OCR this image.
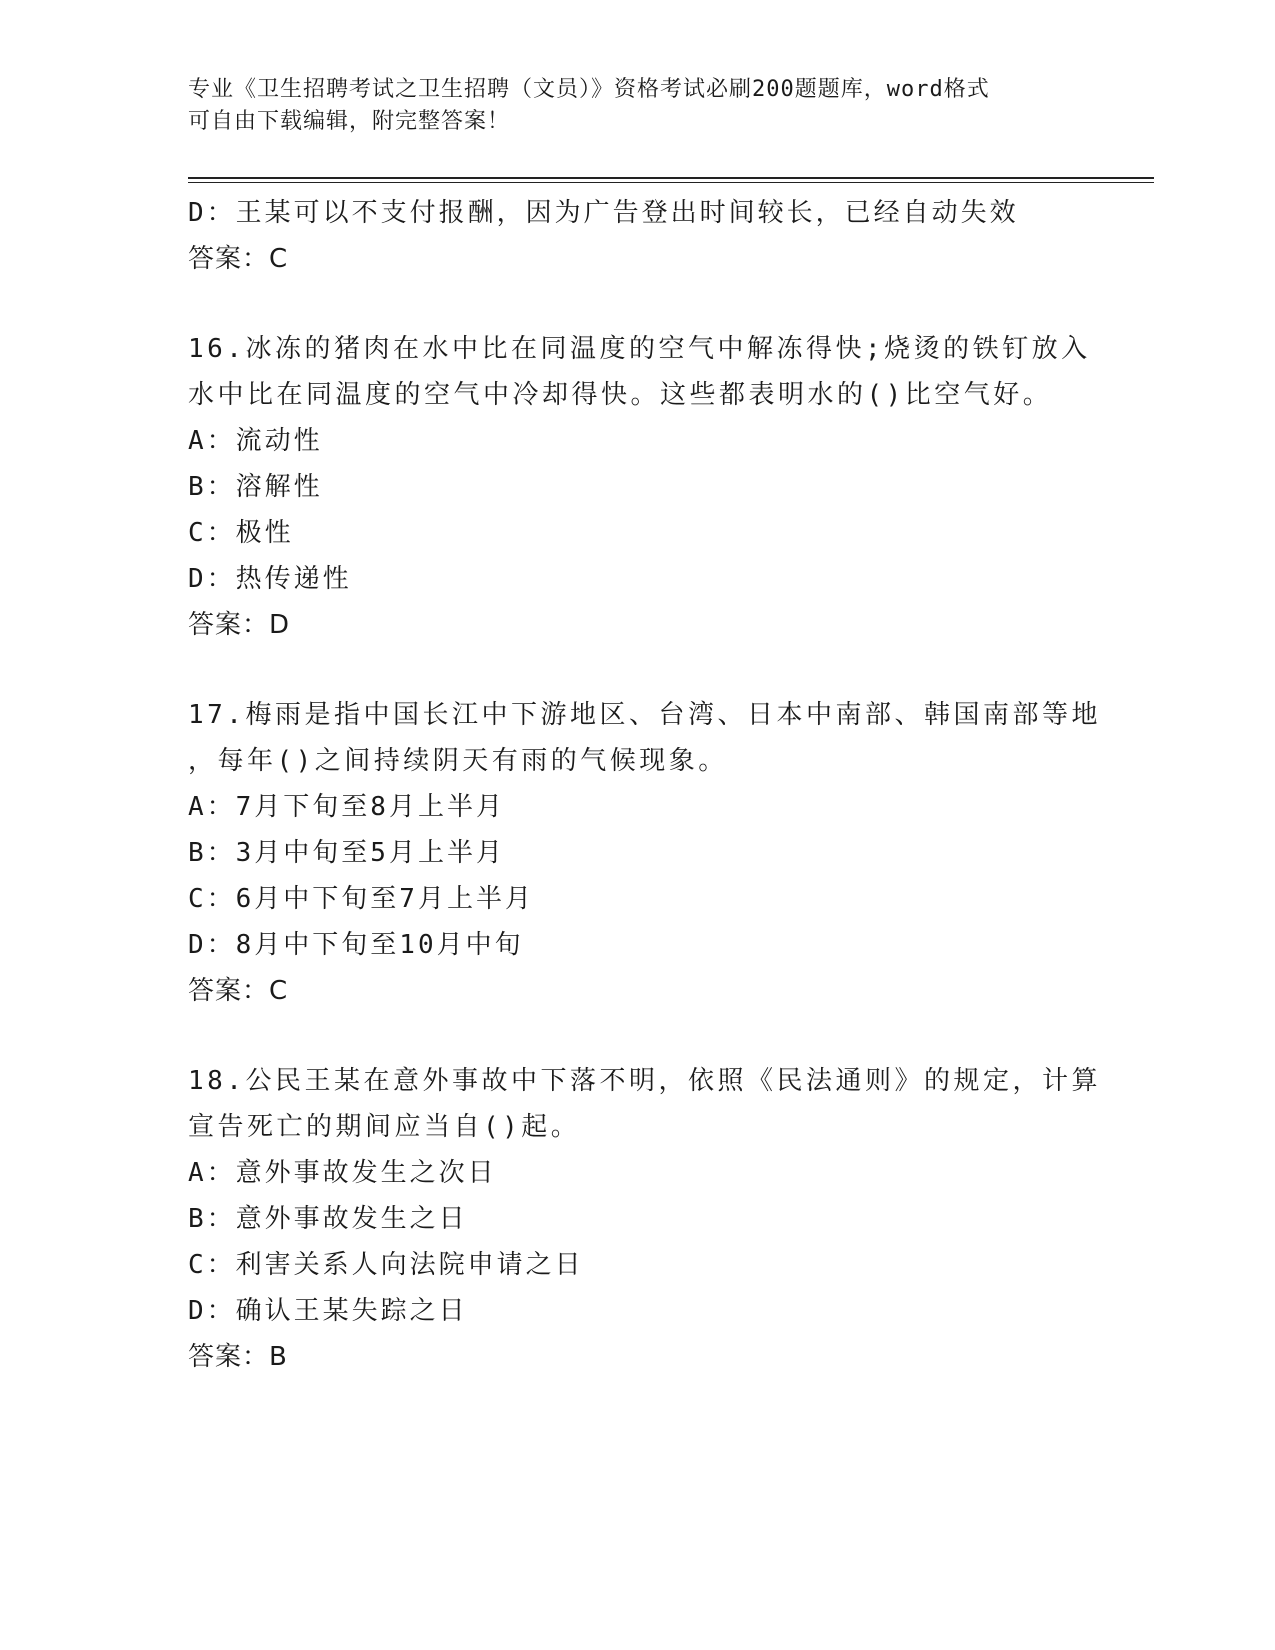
专业《卫生招聘考试之卫生招聘（文员）》资格考试必刷200题题库，word格式
可自由下载编辑，附完整答案！
D：王某可以不支付报酬，因为广告登出时间较长，已经自动失效
答案：C
16.冰冻的猪肉在水中比在同温度的空气中解冻得快;烧烫的铁钉放入
水中比在同温度的空气中冷却得快。这些都表明水的()比空气好。
A：流动性
B：溶解性
C：极性
D：热传递性
答案：D
17.梅雨是指中国长江中下游地区、台湾、日本中南部、韩国南部等地
，每年()之间持续阴天有雨的气候现象。
A：7月下旬至8月上半月
B：3月中旬至5月上半月
C：6月中下旬至7月上半月
D：8月中下旬至10月中旬
答案：C
18.公民王某在意外事故中下落不明，依照《民法通则》的规定，计算
宣告死亡的期间应当自()起。
A：意外事故发生之次日
B：意外事故发生之日
C：利害关系人向法院申请之日
D：确认王某失踪之日
答案：B
